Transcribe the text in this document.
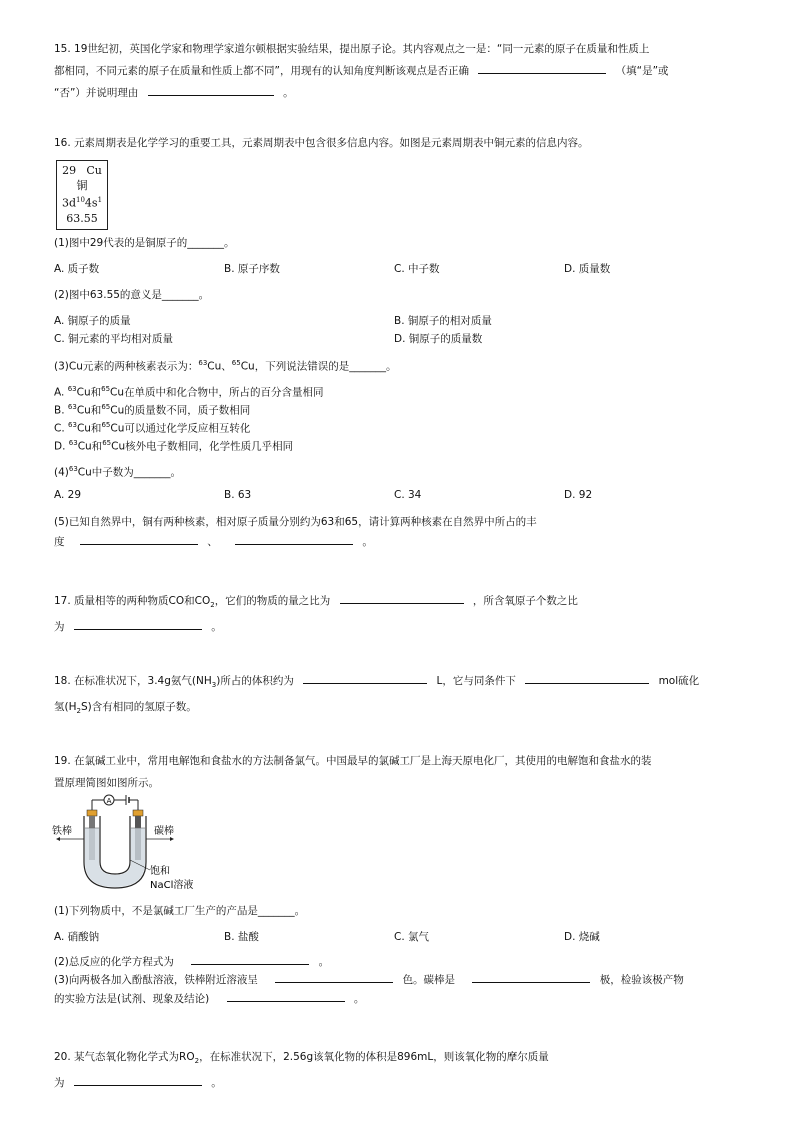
15. 19世纪初，英国化学家和物理学家道尔顿根据实验结果，提出原子论。其内容观点之一是：“同一元素的原子在质量和性质上
都相同，不同元素的原子在质量和性质上都不同”，用现有的认知角度判断该观点是否正确	（填“是”或
“否”）并说明理由	。
16. 元素周期表是化学学习的重要工具，元素周期表中包含很多信息内容。如图是元素周期表中铜元素的信息内容。
29 Cu
铜
$3d^{10}4s^1$
63.55
(1)图中29代表的是铜原子的_______。
A. 质子数	B. 原子序数	C. 中子数	D. 质量数
(2)图中63.55的意义是_______。
A. 铜原子的质量	B. 铜原子的相对质量
C. 铜元素的平均相对质量	D. 铜原子的质量数
(3)Cu元素的两种核素表示为：$^{63}$Cu、$^{65}$Cu，下列说法错误的是_______。
A. $^{63}$Cu和$^{65}$Cu在单质中和化合物中，所占的百分含量相同
B. $^{63}$Cu和$^{65}$Cu的质量数不同，质子数相同
C. $^{63}$Cu和$^{65}$Cu可以通过化学反应相互转化
D. $^{63}$Cu和$^{65}$Cu核外电子数相同，化学性质几乎相同
$(4)^{63}Cu$中子数为_______。
A. 29	B. 63	C. 34	D. 92
(5)已知自然界中，铜有两种核素，相对原子质量分别约为63和65，请计算两种核素在自然界中所占的丰
度	、	。
17. 质量相等的两种物质CO和$CO_2$，它们的物质的量之比为	，所含氧原子个数之比
为	。
18. 在标准状况下，3.4g氨气$(NH_3)$所占的体积约为	L，它与同条件下	mol硫化
氢$(H_2S)$含有相同的氢原子数。
19. 在氯碱工业中，常用电解饱和食盐水的方法制备氯气。中国最早的氯碱工厂是上海天原电化厂，其使用的电解饱和食盐水的装
置原理简图如图所示。
A
铁棒	碳棒
饱和
NaCl溶液
(1)下列物质中，不是氯碱工厂生产的产品是_______。
A. 硝酸钠	B. 盐酸	C. 氯气	D. 烧碱
(2)总反应的化学方程式为	。
(3)向两极各加入酚酞溶液，铁棒附近溶液呈	色。碳棒是	极，检验该极产物
的实验方法是(试剂、现象及结论)	。
20. 某气态氧化物化学式为$RO_2$，在标准状况下，2.56g该氧化物的体积是896mL，则该氧化物的摩尔质量
为	。
